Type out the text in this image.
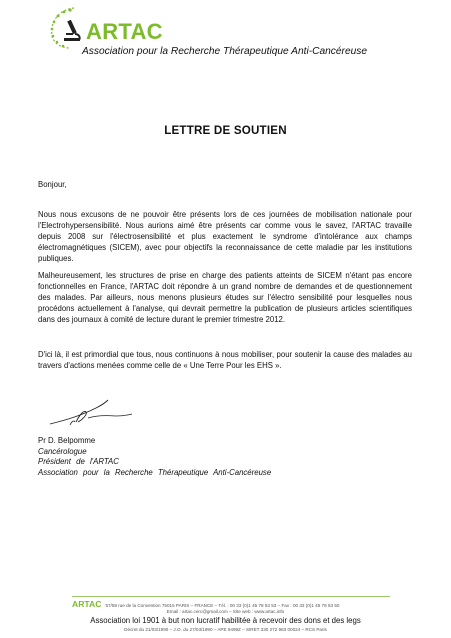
ARTAC
Association pour la Recherche Thérapeutique Anti-Cancéreuse
LETTRE DE SOUTIEN
Bonjour,
Nous nous excusons de ne pouvoir être présents lors de ces journées de mobilisation nationale pour l'Electrohypersensibilité. Nous aurions aimé être présents car comme vous le savez, l'ARTAC travaille depuis 2008 sur l'électrosensibilité et plus exactement le syndrome d'intolérance aux champs électromagnétiques (SICEM), avec pour objectifs la reconnaissance de cette maladie par les institutions publiques.
Malheureusement, les structures de prise en charge des patients atteints de SICEM n'étant pas encore fonctionnelles en France, l'ARTAC doit répondre à un grand nombre de demandes et de questionnement des malades. Par ailleurs, nous menons plusieurs études sur l'électro sensibilité pour lesquelles nous procédons actuellement à l'analyse, qui devrait permettre la publication de plusieurs articles scientifiques dans des journaux à comité de lecture durant le premier trimestre 2012.
D'ici là, il est primordial que tous, nous continuons à nous mobiliser, pour soutenir la cause des malades au travers d'actions menées comme celle de « Une Terre Pour les EHS ».
Pr D. Belpomme
Cancérologue
Président de l'ARTAC
Association pour la Recherche Thérapeutique Anti-Cancéreuse
ARTAC 57/59 rue de la Convention 75015 PARIS – FRANCE – Tél. : 00 33 (0)1 45 78 53 53 – Fax : 00 33 (0)1 45 78 53 50
Email : artac.cerc@gmail.com – Site web : www.artac.info
Association loi 1901 à but non lucratif habilitée à recevoir des dons et des legs
Décret du 21/03/1990 – J.O. du 27/03/1990 – APE 9499Z – SIRET 330 272 963 00024 – RCS Paris
